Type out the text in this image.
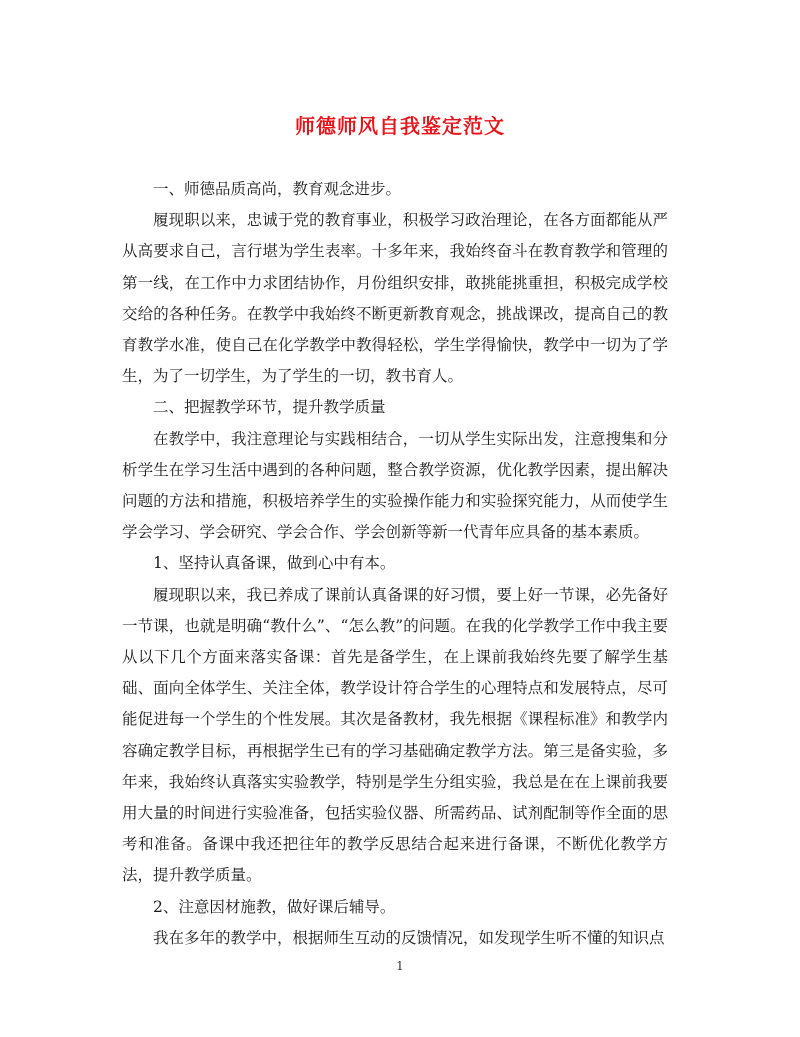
师德师风自我鉴定范文

一、师德品质高尚，教育观念进步。

履现职以来，忠诚于党的教育事业，积极学习政治理论，在各方面都能从严从高要求自己，言行堪为学生表率。十多年来，我始终奋斗在教育教学和管理的第一线，在工作中力求团结协作，月份组织安排，敢挑能挑重担，积极完成学校交给的各种任务。在教学中我始终不断更新教育观念，挑战课改，提高自己的教育教学水准，使自己在化学教学中教得轻松，学生学得愉快，教学中一切为了学生，为了一切学生，为了学生的一切，教书育人。

二、把握教学环节，提升教学质量

在教学中，我注意理论与实践相结合，一切从学生实际出发，注意搜集和分析学生在学习生活中遇到的各种问题，整合教学资源，优化教学因素，提出解决问题的方法和措施，积极培养学生的实验操作能力和实验探究能力，从而使学生学会学习、学会研究、学会合作、学会创新等新一代青年应具备的基本素质。

1、坚持认真备课，做到心中有本。

履现职以来，我已养成了课前认真备课的好习惯，要上好一节课，必先备好一节课，也就是明确“教什么”、“怎么教”的问题。在我的化学教学工作中我主要从以下几个方面来落实备课：首先是备学生，在上课前我始终先要了解学生基础、面向全体学生、关注全体，教学设计符合学生的心理特点和发展特点，尽可能促进每一个学生的个性发展。其次是备教材，我先根据《课程标准》和教学内容确定教学目标，再根据学生已有的学习基础确定教学方法。第三是备实验，多年来，我始终认真落实实验教学，特别是学生分组实验，我总是在在上课前我要用大量的时间进行实验准备，包括实验仪器、所需药品、试剂配制等作全面的思考和准备。备课中我还把往年的教学反思结合起来进行备课，不断优化教学方法，提升教学质量。

2、注意因材施教，做好课后辅导。

我在多年的教学中，根据师生互动的反馈情况，如发现学生听不懂的知识点

1
